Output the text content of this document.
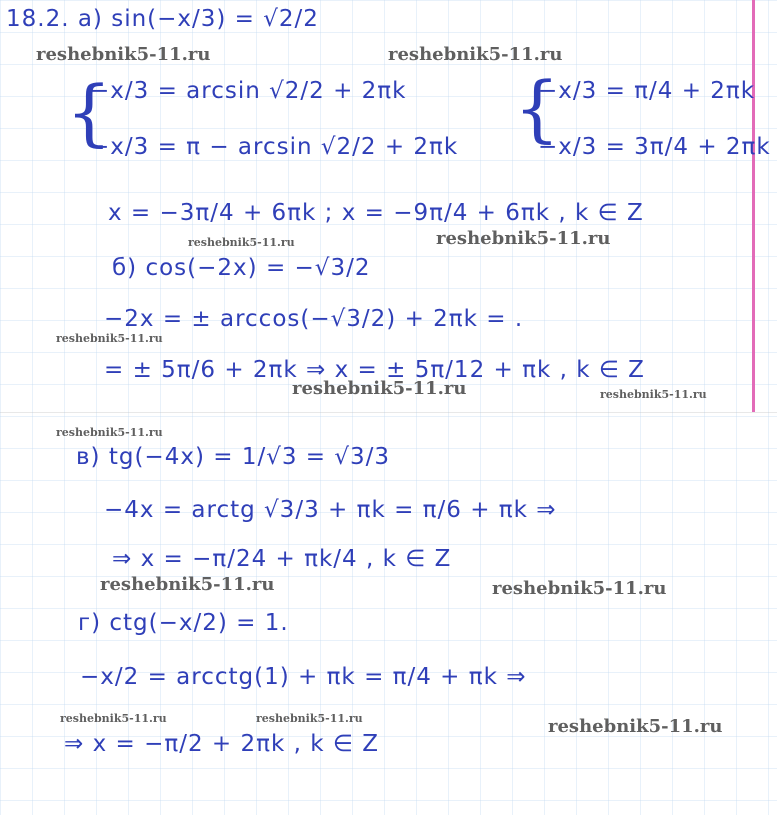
{	{
18.2. a) sin(−x/3) = √2/2
−x/3 = arcsin √2/2 + 2πk
−x/3 = π − arcsin √2/2 + 2πk
−x/3 = π/4 + 2πk
−x/3 = 3π/4 + 2πk
x = −3π/4 + 6πk ; x = −9π/4 + 6πk , k ∈ Z
б) cos(−2x) = −√3/2
−2x = ± arccos(−√3/2) + 2πk = .
= ± 5π/6 + 2πk ⇒ x = ± 5π/12 + πk , k ∈ Z
в) tg(−4x) = 1/√3 = √3/3
−4x = arctg √3/3 + πk = π/6 + πk ⇒
⇒ x = −π/24 + πk/4 , k ∈ Z
г) ctg(−x/2) = 1.
−x/2 = arcctg(1) + πk = π/4 + πk ⇒
⇒ x = −π/2 + 2πk , k ∈ Z
reshebnik5-11.ru	reshebnik5-11.ru
reshebnik5-11.ru	reshebnik5-11.ru
reshebnik5-11.ru
reshebnik5-11.ru	reshebnik5-11.ru
reshebnik5-11.ru
reshebnik5-11.ru	reshebnik5-11.ru
reshebnik5-11.ru	reshebnik5-11.ru	reshebnik5-11.ru
